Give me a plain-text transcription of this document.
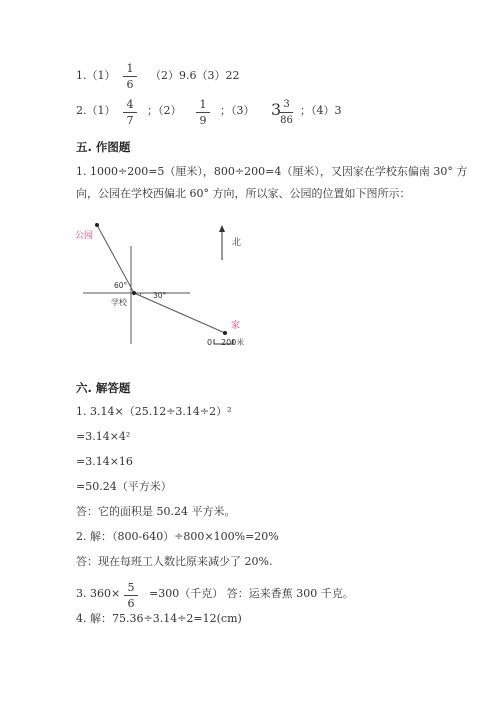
1.（1）
1
6
（2）9.6（3）22
2.（1）	4
7
；（2）	1
9
；（3） 3 3
86
；（4）3
五. 作图题
1. 1000÷200=5（厘米），800÷200=4（厘米），又因家在学校东偏南 30° 方
向，公园在学校西偏北 60° 方向，所以家、公园的位置如下图所示：
公园
60°
30°
学校
家
北
0 200米
六. 解答题
1. 3.14×（25.12÷3.14÷2）²
=3.14×4²
=3.14×16
=50.24（平方米）
答：它的面积是 50.24 平方米。
2. 解：（800-640）÷800×100%=20%
答：现在每班工人数比原来减少了 20%.
3. 360× 5
6
=300（千克） 答：运来香蕉 300 千克。
4. 解：75.36÷3.14÷2=12(cm)
